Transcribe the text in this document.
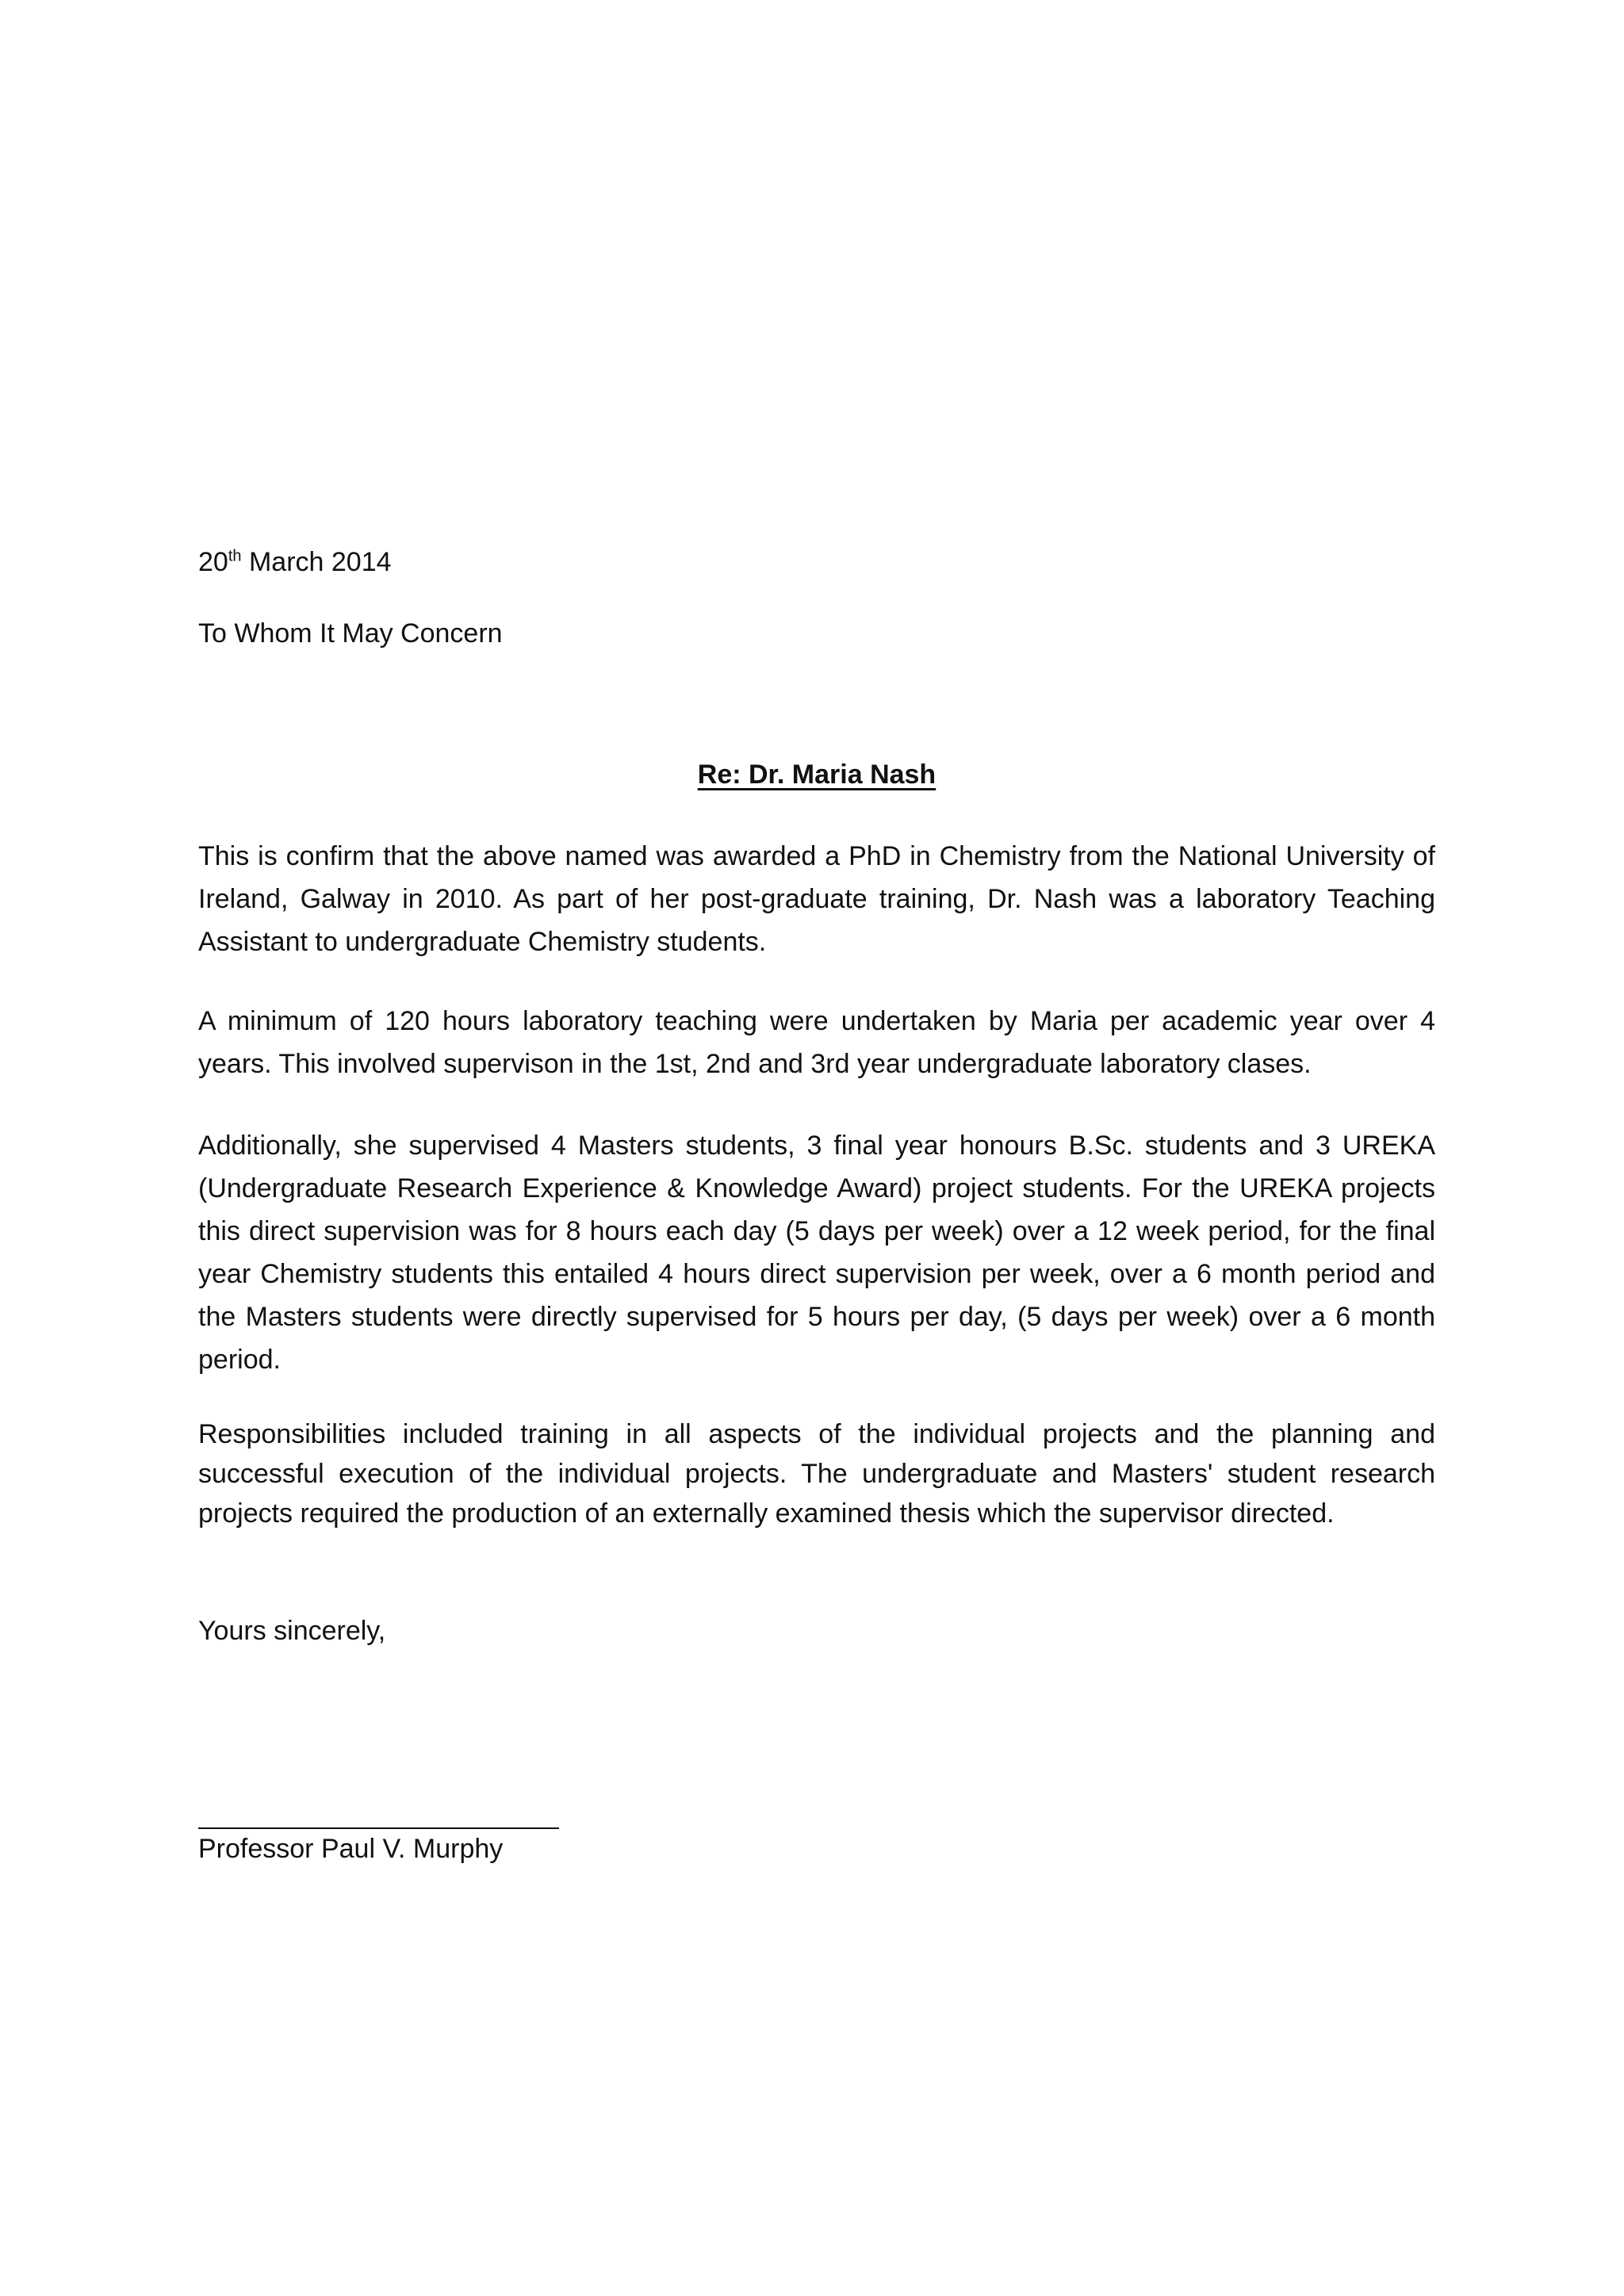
20th March 2014
To Whom It May Concern
Re: Dr. Maria Nash
This is confirm that the above named was awarded a PhD in Chemistry from the National University of Ireland, Galway in 2010. As part of her post-graduate training, Dr. Nash was a laboratory Teaching Assistant to undergraduate Chemistry students.
A minimum of 120 hours laboratory teaching were undertaken by Maria per academic year over 4 years. This involved supervison in the 1st, 2nd and 3rd year undergraduate laboratory clases.
Additionally, she supervised 4 Masters students, 3 final year honours B.Sc. students and 3 UREKA (Undergraduate Research Experience & Knowledge Award) project students. For the UREKA projects this direct supervision was for 8 hours each day (5 days per week) over a 12 week period, for the final year Chemistry students this entailed 4 hours direct supervision per week, over a 6 month period and the Masters students were directly supervised for 5 hours per day, (5 days per week) over a 6 month period.
Responsibilities included training in all aspects of the individual projects and the planning and successful execution of the individual projects. The undergraduate and Masters' student research projects required the production of an externally examined thesis which the supervisor directed.
Yours sincerely,
Professor Paul V. Murphy
